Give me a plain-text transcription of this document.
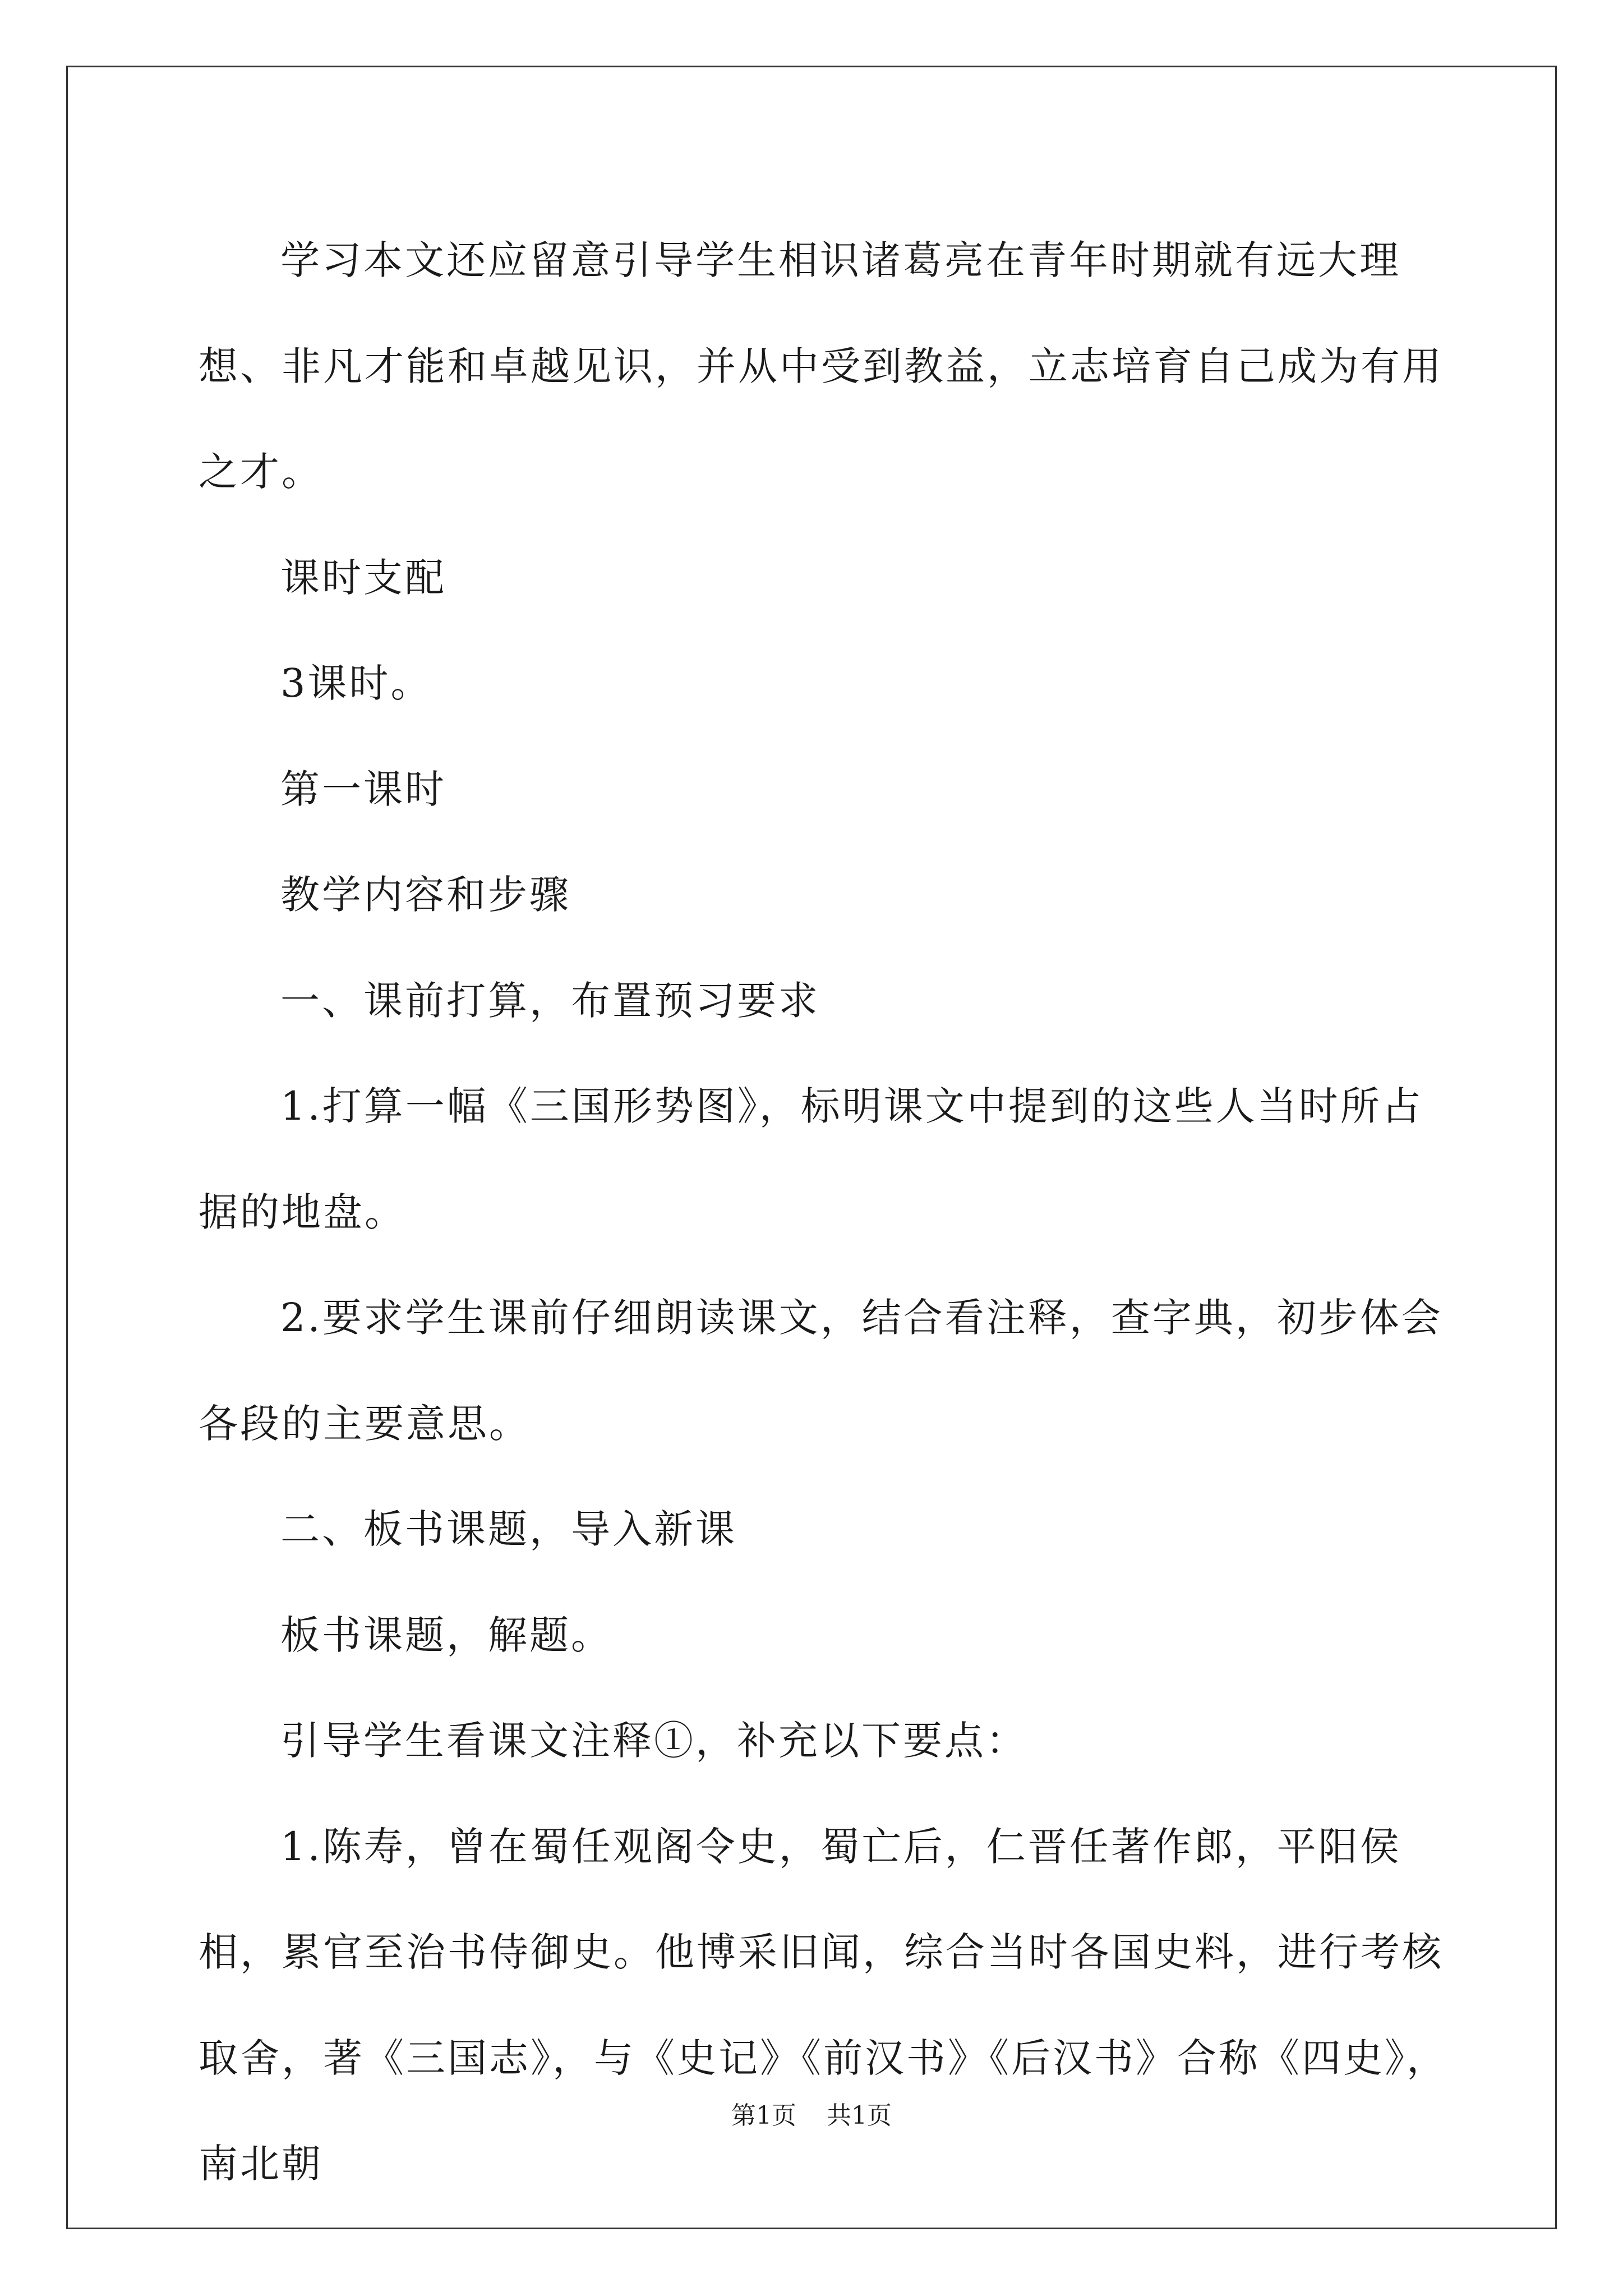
学习本文还应留意引导学生相识诸葛亮在青年时期就有远大理想、非凡才能和卓越见识，并从中受到教益，立志培育自己成为有用之才。

课时支配

3课时。

第一课时

教学内容和步骤

一、课前打算，布置预习要求

1.打算一幅《三国形势图》，标明课文中提到的这些人当时所占据的地盘。

2.要求学生课前仔细朗读课文，结合看注释，查字典，初步体会各段的主要意思。

二、板书课题，导入新课

板书课题，解题。

引导学生看课文注释①，补充以下要点：

1.陈寿，曾在蜀任观阁令史，蜀亡后，仁晋任著作郎，平阳侯相，累官至治书侍御史。他博采旧闻，综合当时各国史料，进行考核取舍，著《三国志》，与《史记》《前汉书》《后汉书》合称《四史》，南北朝

第1页 共1页
